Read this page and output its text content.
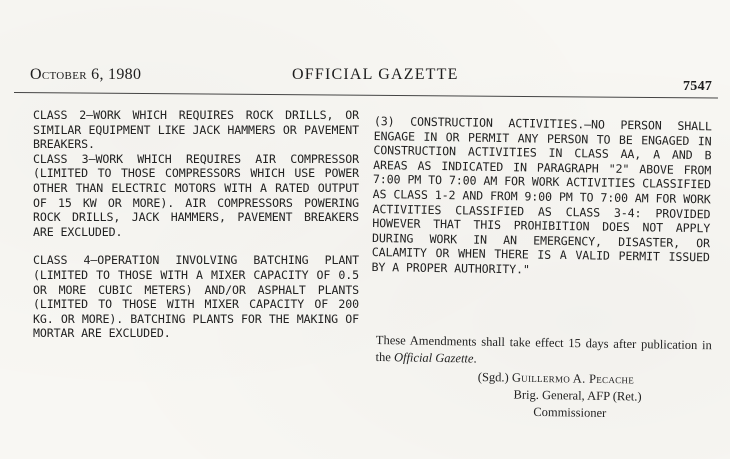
October 6, 1980	OFFICIAL GAZETTE
7547

CLASS 2—WORK WHICH REQUIRES ROCK DRILLS, OR SIMILAR EQUIPMENT LIKE JACK HAMMERS OR PAVEMENT BREAKERS.

CLASS 3—WORK WHICH REQUIRES AIR COMPRESSOR (LIMITED TO THOSE COMPRESSORS WHICH USE POWER OTHER THAN ELECTRIC MOTORS WITH A RATED OUTPUT OF 15 KW OR MORE). AIR COMPRESSORS POWERING ROCK DRILLS, JACK HAMMERS, PAVEMENT BREAKERS ARE EXCLUDED.

CLASS 4—OPERATION INVOLVING BATCHING PLANT (LIMITED TO THOSE WITH A MIXER CAPACITY OF 0.5 OR MORE CUBIC METERS) AND/OR ASPHALT PLANTS (LIMITED TO THOSE WITH MIXER CAPACITY OF 200 KG. OR MORE). BATCHING PLANTS FOR THE MAKING OF MORTAR ARE EXCLUDED.

(3) CONSTRUCTION ACTIVITIES.—NO PERSON SHALL ENGAGE IN OR PERMIT ANY PERSON TO BE ENGAGED IN CONSTRUCTION ACTIVITIES IN CLASS AA, A AND B AREAS AS INDICATED IN PARAGRAPH "2" ABOVE FROM 7:00 PM TO 7:00 AM FOR WORK ACTIVITIES CLASSIFIED AS CLASS 1-2 AND FROM 9:00 PM TO 7:00 AM FOR WORK ACTIVITIES CLASSIFIED AS CLASS 3-4: PROVIDED HOWEVER THAT THIS PROHIBITION DOES NOT APPLY DURING WORK IN AN EMERGENCY, DISASTER, OR CALAMITY OR WHEN THERE IS A VALID PERMIT ISSUED BY A PROPER AUTHORITY."

These Amendments shall take effect 15 days after publication in the Official Gazette.
(Sgd.) Guillermo A. Pecache
Brig. General, AFP (Ret.)
Commissioner
